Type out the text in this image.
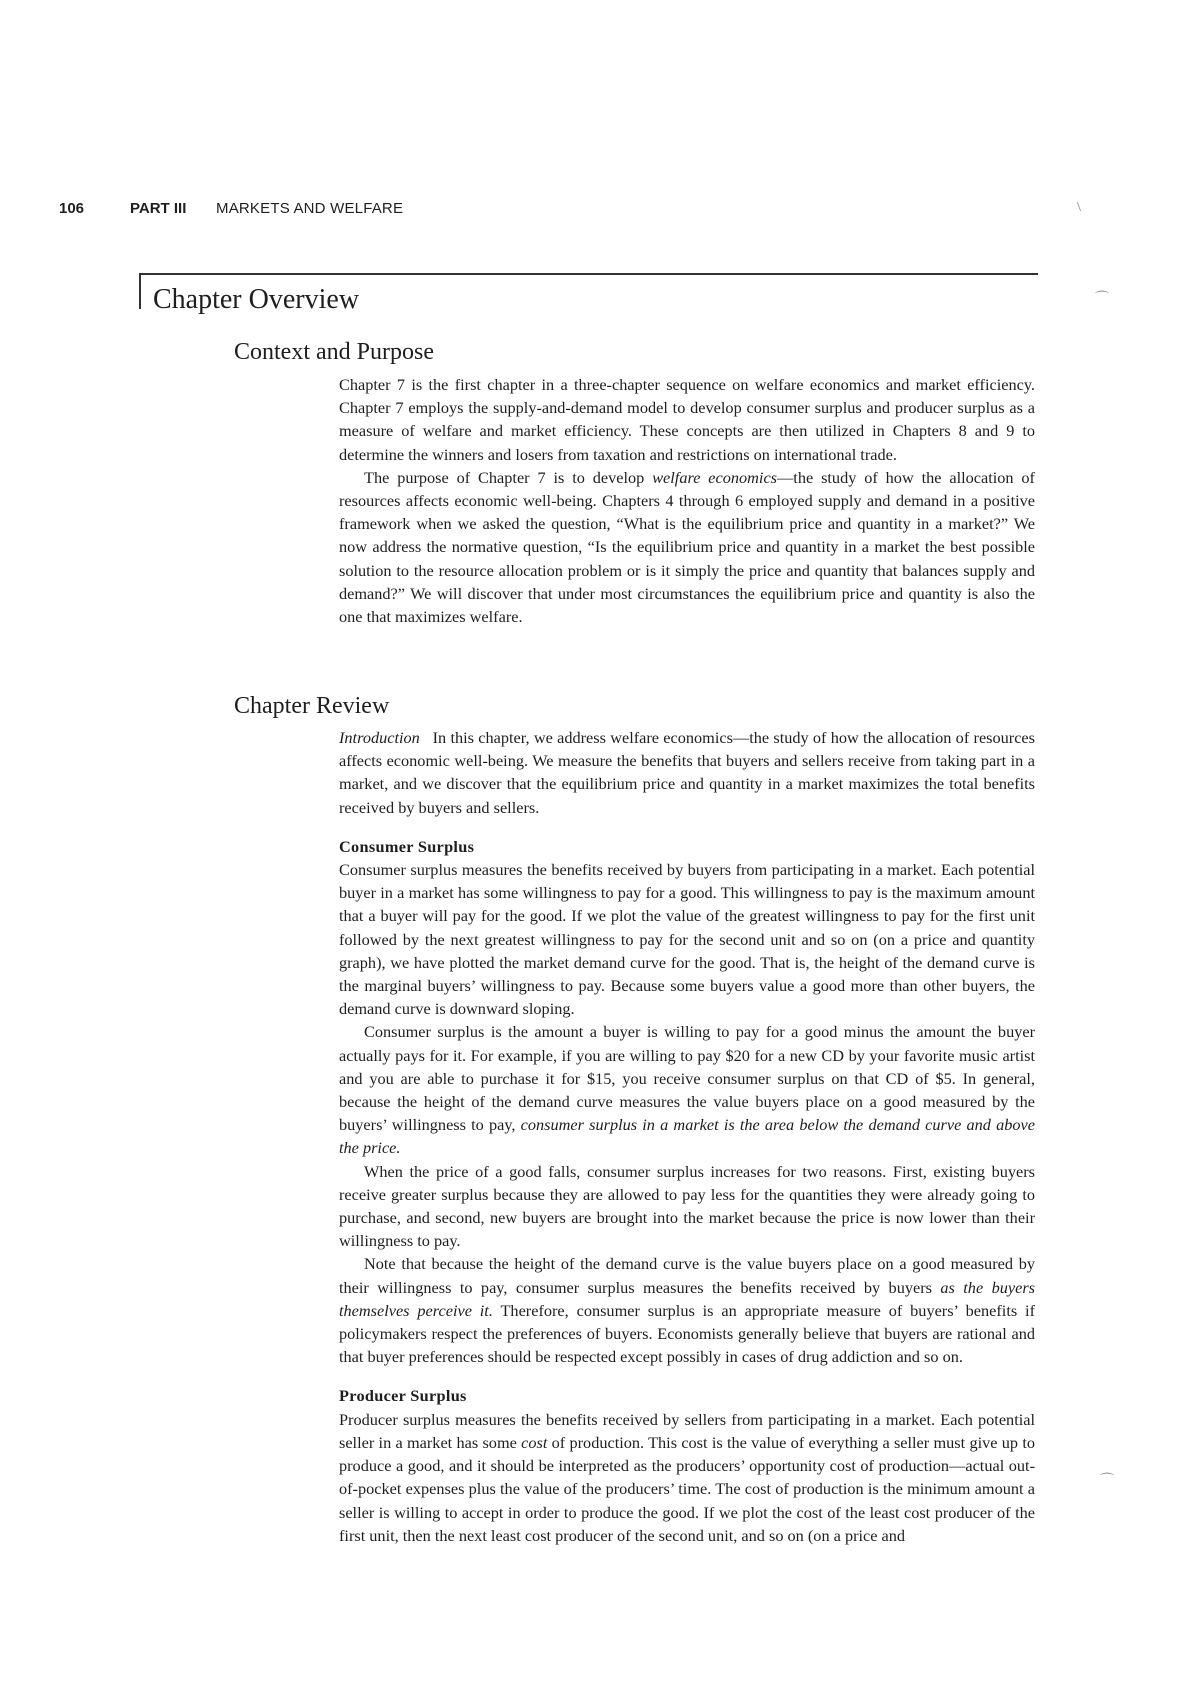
106	PART III MARKETS AND WELFARE
Chapter Overview
Context and Purpose

Chapter 7 is the first chapter in a three-chapter sequence on welfare economics and market efficiency. Chapter 7 employs the supply-and-demand model to develop consumer surplus and producer surplus as a measure of welfare and market efficiency. These concepts are then utilized in Chapters 8 and 9 to determine the winners and losers from taxation and restrictions on international trade.

The purpose of Chapter 7 is to develop welfare economics—the study of how the allocation of resources affects economic well-being. Chapters 4 through 6 employed supply and demand in a positive framework when we asked the question, “What is the equilibrium price and quantity in a market?” We now address the normative question, “Is the equilibrium price and quantity in a market the best possible solution to the resource allocation problem or is it simply the price and quantity that balances supply and demand?” We will discover that under most circumstances the equilibrium price and quantity is also the one that maximizes welfare.

Chapter Review

Introduction In this chapter, we address welfare economics—the study of how the allocation of resources affects economic well-being. We measure the benefits that buyers and sellers receive from taking part in a market, and we discover that the equilibrium price and quantity in a market maximizes the total benefits received by buyers and sellers.

Consumer Surplus

Consumer surplus measures the benefits received by buyers from participating in a market. Each potential buyer in a market has some willingness to pay for a good. This willingness to pay is the maximum amount that a buyer will pay for the good. If we plot the value of the greatest willingness to pay for the first unit followed by the next greatest willingness to pay for the second unit and so on (on a price and quantity graph), we have plotted the market demand curve for the good. That is, the height of the demand curve is the marginal buyers’ willingness to pay. Because some buyers value a good more than other buyers, the demand curve is downward sloping.

Consumer surplus is the amount a buyer is willing to pay for a good minus the amount the buyer actually pays for it. For example, if you are willing to pay $20 for a new CD by your favorite music artist and you are able to purchase it for $15, you receive consumer surplus on that CD of $5. In general, because the height of the demand curve measures the value buyers place on a good measured by the buyers’ willingness to pay, consumer surplus in a market is the area below the demand curve and above the price.

When the price of a good falls, consumer surplus increases for two reasons. First, existing buyers receive greater surplus because they are allowed to pay less for the quantities they were already going to purchase, and second, new buyers are brought into the market because the price is now lower than their willingness to pay.

Note that because the height of the demand curve is the value buyers place on a good measured by their willingness to pay, consumer surplus measures the benefits received by buyers as the buyers themselves perceive it. Therefore, consumer surplus is an appropriate measure of buyers’ benefits if policymakers respect the preferences of buyers. Economists generally believe that buyers are rational and that buyer preferences should be respected except possibly in cases of drug addiction and so on.

Producer Surplus

Producer surplus measures the benefits received by sellers from participating in a market. Each potential seller in a market has some cost of production. This cost is the value of everything a seller must give up to produce a good, and it should be interpreted as the producers’ opportunity cost of production—actual out-of-pocket expenses plus the value of the producers’ time. The cost of production is the minimum amount a seller is willing to accept in order to produce the good. If we plot the cost of the least cost producer of the first unit, then the next least cost producer of the second unit, and so on (on a price and

\
⌒
⌒
